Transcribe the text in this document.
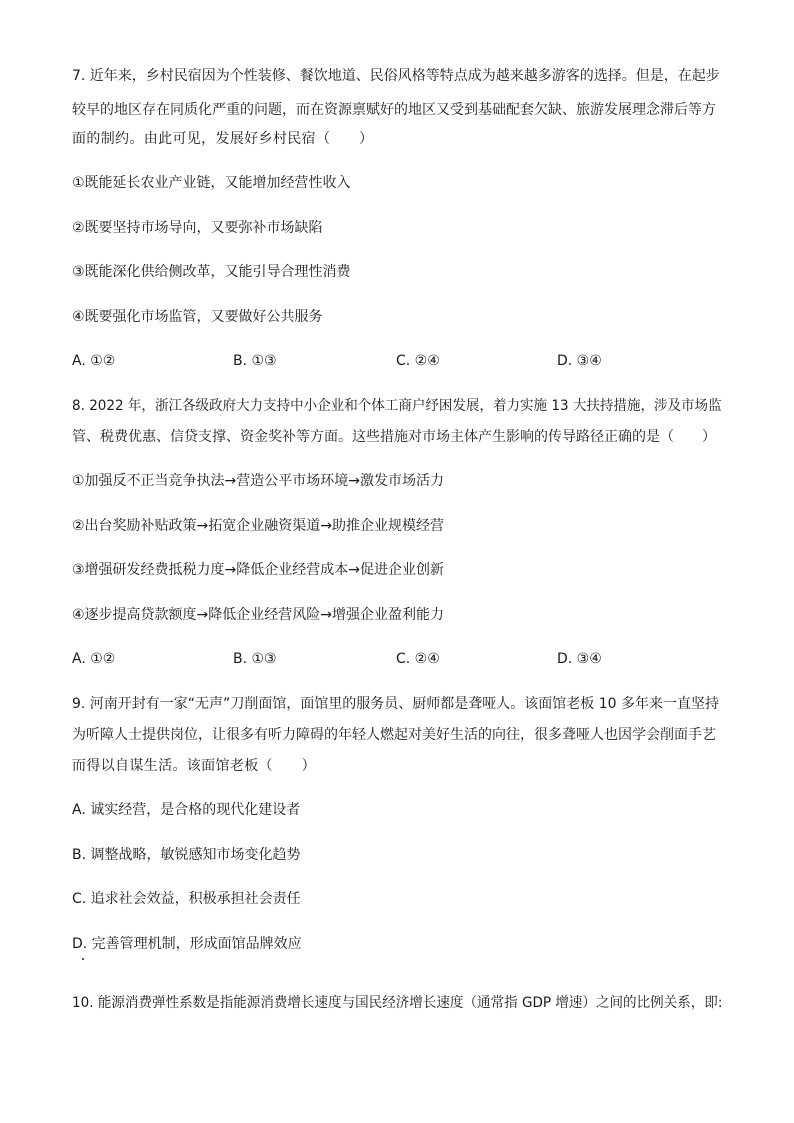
7. 近年来，乡村民宿因为个性装修、餐饮地道、民俗风格等特点成为越来越多游客的选择。但是，在起步
较早的地区存在同质化严重的问题，而在资源禀赋好的地区又受到基础配套欠缺、旅游发展理念滞后等方
面的制约。由此可见，发展好乡村民宿（　　）
①既能延长农业产业链，又能增加经营性收入
②既要坚持市场导向，又要弥补市场缺陷
③既能深化供给侧改革，又能引导合理性消费
④既要强化市场监管，又要做好公共服务
A. ①②	B. ①③	C. ②④	D. ③④
8. 2022 年，浙江各级政府大力支持中小企业和个体工商户纾困发展，着力实施 13 大扶持措施，涉及市场监
管、税费优惠、信贷支撑、资金奖补等方面。这些措施对市场主体产生影响的传导路径正确的是（　　）
①加强反不正当竞争执法→营造公平市场环境→激发市场活力
②出台奖励补贴政策→拓宽企业融资渠道→助推企业规模经营
③增强研发经费抵税力度→降低企业经营成本→促进企业创新
④逐步提高贷款额度→降低企业经营风险→增强企业盈利能力
A. ①②	B. ①③	C. ②④	D. ③④
9. 河南开封有一家“无声”刀削面馆，面馆里的服务员、厨师都是聋哑人。该面馆老板 10 多年来一直坚持
为听障人士提供岗位，让很多有听力障碍的年轻人燃起对美好生活的向往，很多聋哑人也因学会削面手艺
而得以自谋生活。该面馆老板（　　）
A. 诚实经营，是合格的现代化建设者
B. 调整战略，敏锐感知市场变化趋势
C. 追求社会效益，积极承担社会责任
D. 完善管理机制，形成面馆品牌效应
10. 能源消费弹性系数是指能源消费增长速度与国民经济增长速度（通常指 GDP 增速）之间的比例关系，即:
